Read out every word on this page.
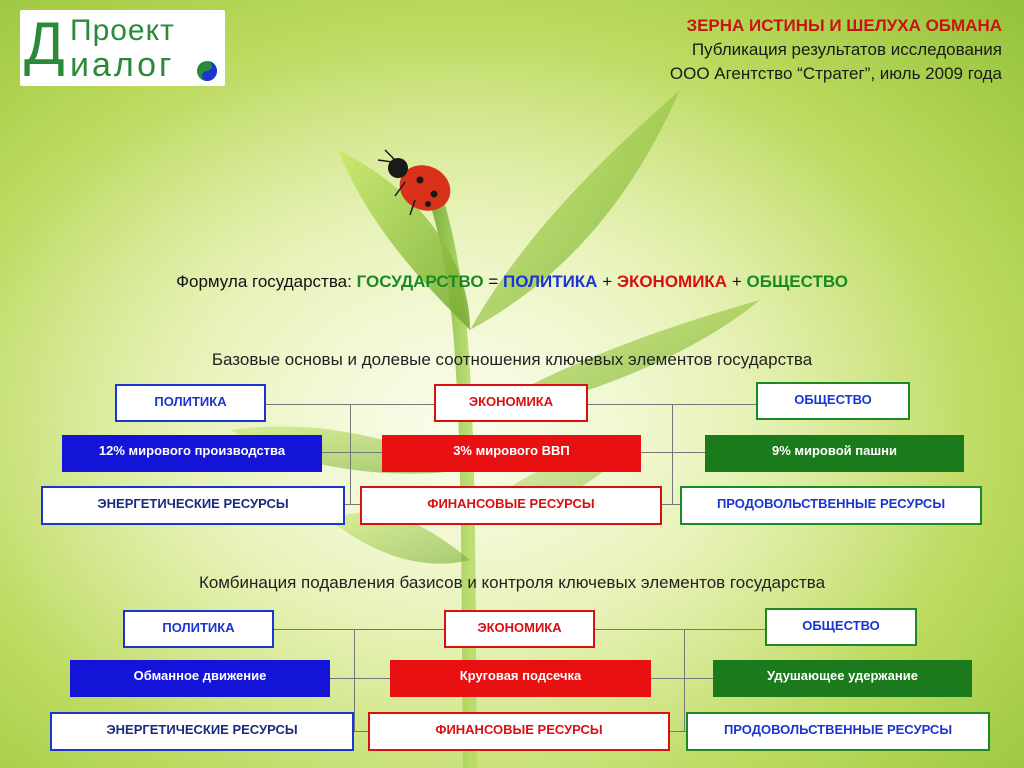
Д Проект
иалог
ЗЕРНА ИСТИНЫ И ШЕЛУХА ОБМАНА
Публикация результатов исследования
ООО Агентство “Стратег”, июль 2009 года
Формула государства: ГОСУДАРСТВО = ПОЛИТИКА + ЭКОНОМИКА + ОБЩЕСТВО
Базовые основы и долевые соотношения ключевых элементов государства
ПОЛИТИКА	ЭКОНОМИКА	ОБЩЕСТВО
12% мирового производства	3% мирового ВВП	9% мировой пашни
ЭНЕРГЕТИЧЕСКИЕ РЕСУРСЫ	ФИНАНСОВЫЕ РЕСУРСЫ	ПРОДОВОЛЬСТВЕННЫЕ РЕСУРСЫ
Комбинация подавления базисов и контроля ключевых элементов государства
ПОЛИТИКА	ЭКОНОМИКА	ОБЩЕСТВО
Обманное движение	Круговая подсечка	Удушающее удержание
ЭНЕРГЕТИЧЕСКИЕ РЕСУРСЫ	ФИНАНСОВЫЕ РЕСУРСЫ	ПРОДОВОЛЬСТВЕННЫЕ РЕСУРСЫ
